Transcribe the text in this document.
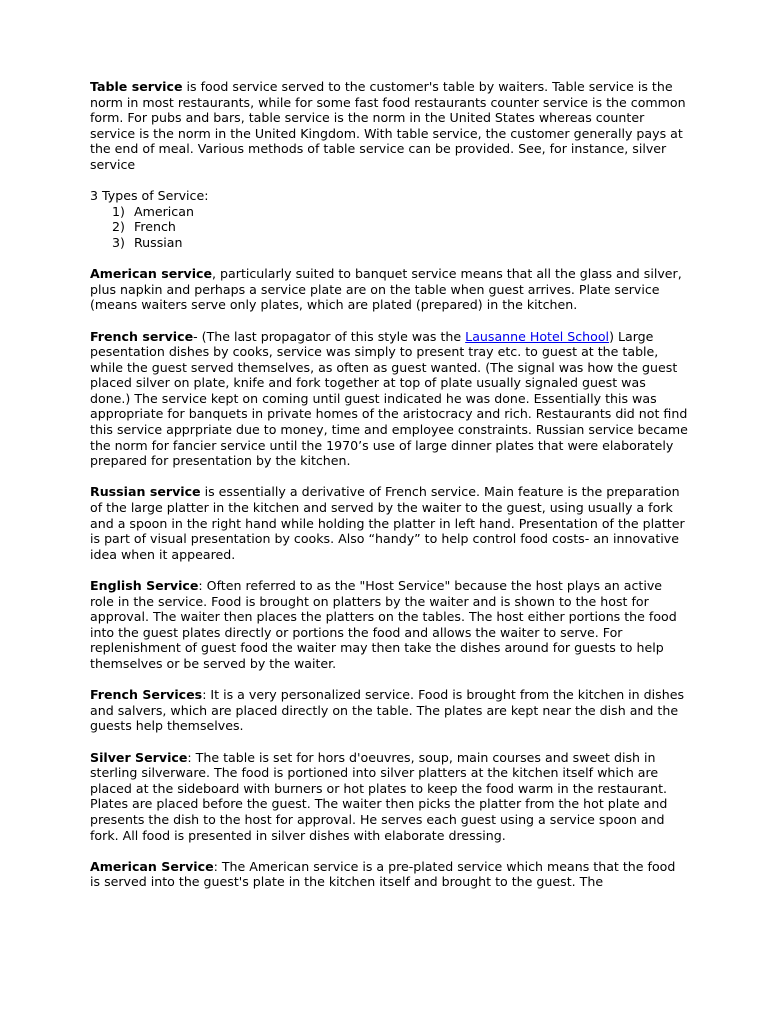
Table service is food service served to the customer's table by waiters. Table service is the norm in most restaurants, while for some fast food restaurants counter service is the common form. For pubs and bars, table service is the norm in the United States whereas counter service is the norm in the United Kingdom. With table service, the customer generally pays at the end of meal. Various methods of table service can be provided. See, for instance, silver service

3 Types of Service:

1) American
2) French
3) Russian

American service, particularly suited to banquet service means that all the glass and silver, plus napkin and perhaps a service plate are on the table when guest arrives. Plate service (means waiters serve only plates, which are plated (prepared) in the kitchen.

French service- (The last propagator of this style was the Lausanne Hotel School) Large pesentation dishes by cooks, service was simply to present tray etc. to guest at the table, while the guest served themselves, as often as guest wanted. (The signal was how the guest placed silver on plate, knife and fork together at top of plate usually signaled guest was done.) The service kept on coming until guest indicated he was done. Essentially this was appropriate for banquets in private homes of the aristocracy and rich. Restaurants did not find this service apprpriate due to money, time and employee constraints. Russian service became the norm for fancier service until the 1970’s use of large dinner plates that were elaborately prepared for presentation by the kitchen.

Russian service is essentially a derivative of French service. Main feature is the preparation of the large platter in the kitchen and served by the waiter to the guest, using usually a fork and a spoon in the right hand while holding the platter in left hand. Presentation of the platter is part of visual presentation by cooks. Also “handy” to help control food costs- an innovative idea when it appeared.

English Service: Often referred to as the "Host Service" because the host plays an active role in the service. Food is brought on platters by the waiter and is shown to the host for approval. The waiter then places the platters on the tables. The host either portions the food into the guest plates directly or portions the food and allows the waiter to serve. For replenishment of guest food the waiter may then take the dishes around for guests to help themselves or be served by the waiter.

French Services: It is a very personalized service. Food is brought from the kitchen in dishes and salvers, which are placed directly on the table. The plates are kept near the dish and the guests help themselves.

Silver Service: The table is set for hors d'oeuvres, soup, main courses and sweet dish in sterling silverware. The food is portioned into silver platters at the kitchen itself which are placed at the sideboard with burners or hot plates to keep the food warm in the restaurant. Plates are placed before the guest. The waiter then picks the platter from the hot plate and presents the dish to the host for approval. He serves each guest using a service spoon and fork. All food is presented in silver dishes with elaborate dressing.

American Service: The American service is a pre-plated service which means that the food is served into the guest's plate in the kitchen itself and brought to the guest. The
